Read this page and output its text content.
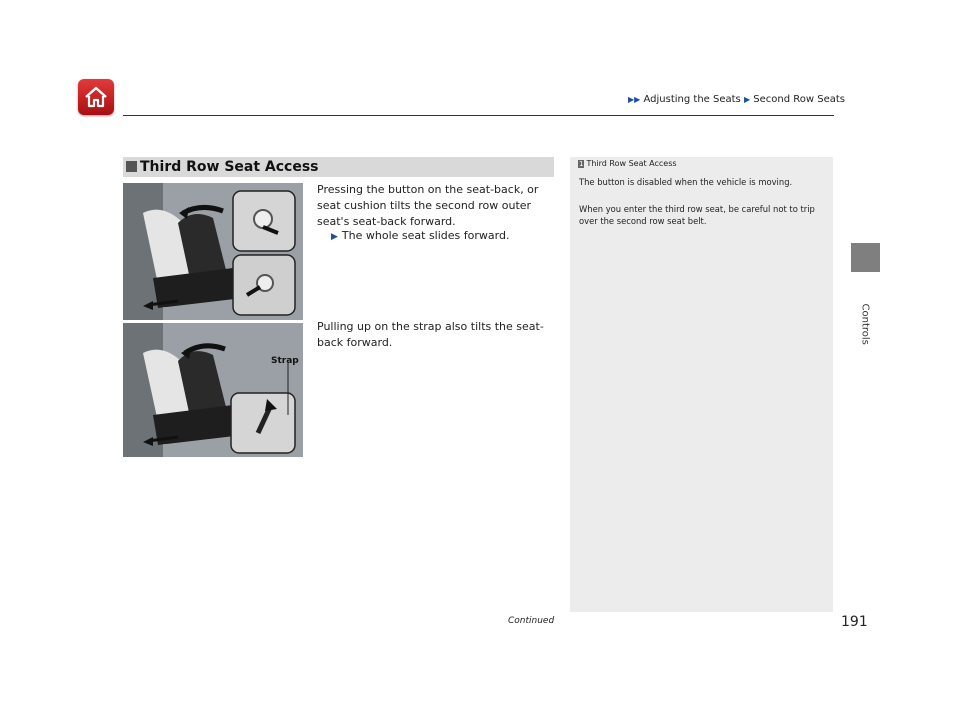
▶▶ Adjusting the Seats ▶ Second Row Seats
Controls
Third Row Seat Access
Pressing the button on the seat-back, or seat cushion tilts the second row outer seat's seat-back forward.
▶ The whole seat slides forward.
Strap
Pulling up on the strap also tilts the seat-back forward.
1 Third Row Seat Access
The button is disabled when the vehicle is moving.
When you enter the third row seat, be careful not to trip over the second row seat belt.
Continued	191
